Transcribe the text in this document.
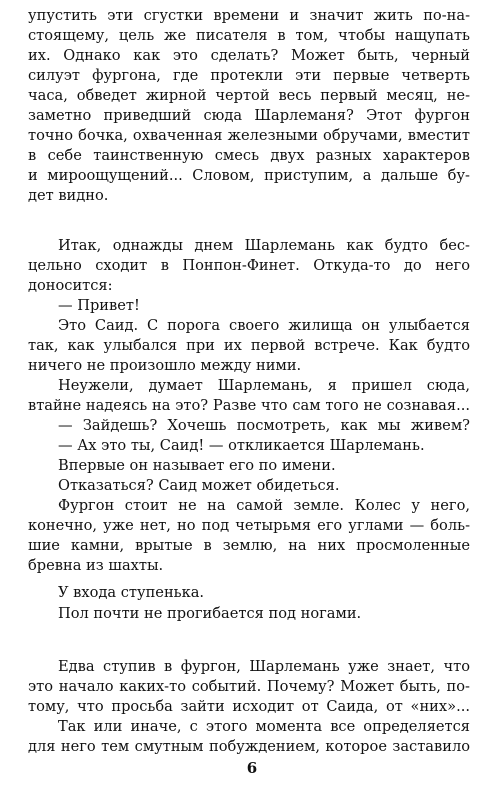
упустить эти сгустки времени и значит жить по-на-
стоящему, цель же писателя в том, чтобы нащупать
их. Однако как это сделать? Может быть, черный
силуэт фургона, где протекли эти первые четверть
часа, обведет жирной чертой весь первый месяц, не-
заметно приведший сюда Шарлеманя? Этот фургон
точно бочка, охваченная железными обручами, вместит
в себе таинственную смесь двух разных характеров
и мироощущений... Словом, приступим, а дальше бу-
дет видно.
Итак, однажды днем Шарлемань как будто бес-
цельно сходит в Понпон-Финет. Откуда-то до него
доносится:
— Привет!
Это Саид. С порога своего жилища он улыбается
так, как улыбался при их первой встрече. Как будто
ничего не произошло между ними.
Неужели, думает Шарлемань, я пришел сюда,
втайне надеясь на это? Разве что сам того не сознавая...
— Зайдешь? Хочешь посмотреть, как мы живем?
— Ах это ты, Саид! — откликается Шарлемань.
Впервые он называет его по имени.
Отказаться? Саид может обидеться.
Фургон стоит не на самой земле. Колес у него,
конечно, уже нет, но под четырьмя его углами — боль-
шие камни, врытые в землю, на них просмоленные
бревна из шахты.
У входа ступенька.
Пол почти не прогибается под ногами.
Едва ступив в фургон, Шарлемань уже знает, что
это начало каких-то событий. Почему? Может быть, по-
тому, что просьба зайти исходит от Саида, от «них»...
Так или иначе, с этого момента все определяется
для него тем смутным побуждением, которое заставило
6
